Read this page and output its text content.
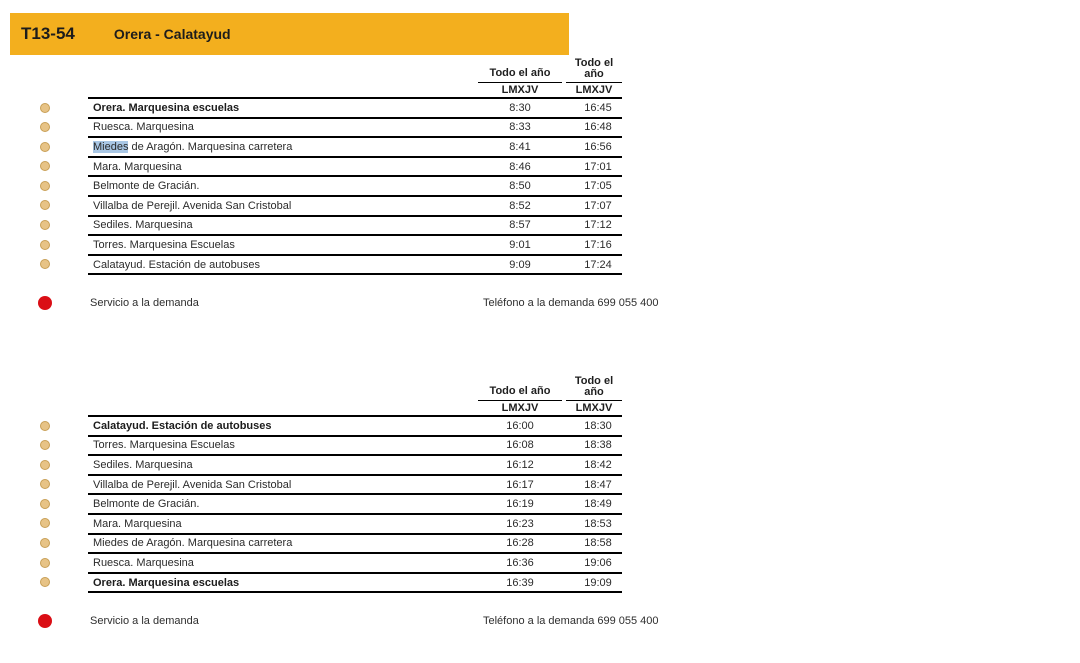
T13-54	Orera - Calatayud
Todo el año
LMXJV
Todo el año
LMXJV
Orera. Marquesina escuelas	8:30	16:45
Ruesca. Marquesina	8:33	16:48
Miedes de Aragón. Marquesina carretera	8:41	16:56
Mara. Marquesina	8:46	17:01
Belmonte de Gracián.	8:50	17:05
Villalba de Perejil. Avenida San Cristobal	8:52	17:07
Sediles. Marquesina	8:57	17:12
Torres. Marquesina Escuelas	9:01	17:16
Calatayud. Estación de autobuses	9:09	17:24
Servicio a la demanda	Teléfono a la demanda 699 055 400
Todo el año
LMXJV
Todo el año
LMXJV
Calatayud. Estación de autobuses	16:00	18:30
Torres. Marquesina Escuelas	16:08	18:38
Sediles. Marquesina	16:12	18:42
Villalba de Perejil. Avenida San Cristobal	16:17	18:47
Belmonte de Gracián.	16:19	18:49
Mara. Marquesina	16:23	18:53
Miedes de Aragón. Marquesina carretera	16:28	18:58
Ruesca. Marquesina	16:36	19:06
Orera. Marquesina escuelas	16:39	19:09
Servicio a la demanda	Teléfono a la demanda 699 055 400
